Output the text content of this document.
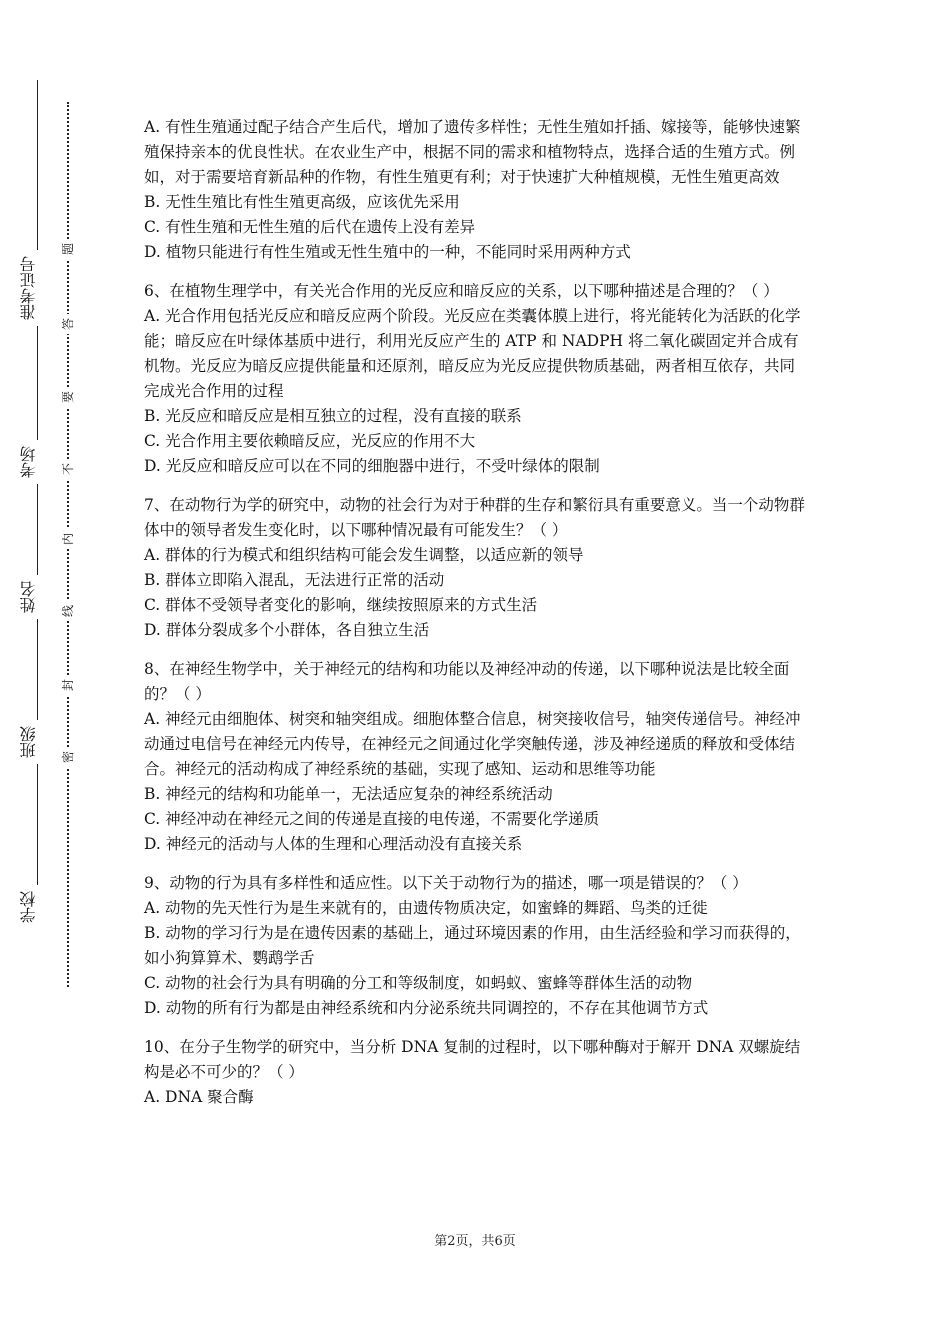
准考证号
考场
姓名
班级
学校
题
答
要
不
内
线
封
密

A. 有性生殖通过配子结合产生后代，增加了遗传多样性；无性生殖如扦插、嫁接等，能够快速繁殖保持亲本的优良性状。在农业生产中，根据不同的需求和植物特点，选择合适的生殖方式。例如，对于需要培育新品种的作物，有性生殖更有利；对于快速扩大种植规模，无性生殖更高效

B. 无性生殖比有性生殖更高级，应该优先采用

C. 有性生殖和无性生殖的后代在遗传上没有差异

D. 植物只能进行有性生殖或无性生殖中的一种，不能同时采用两种方式

6、在植物生理学中，有关光合作用的光反应和暗反应的关系，以下哪种描述是合理的？（ ）

A. 光合作用包括光反应和暗反应两个阶段。光反应在类囊体膜上进行，将光能转化为活跃的化学能；暗反应在叶绿体基质中进行，利用光反应产生的 ATP 和 NADPH 将二氧化碳固定并合成有机物。光反应为暗反应提供能量和还原剂，暗反应为光反应提供物质基础，两者相互依存，共同完成光合作用的过程

B. 光反应和暗反应是相互独立的过程，没有直接的联系

C. 光合作用主要依赖暗反应，光反应的作用不大

D. 光反应和暗反应可以在不同的细胞器中进行，不受叶绿体的限制

7、在动物行为学的研究中，动物的社会行为对于种群的生存和繁衍具有重要意义。当一个动物群体中的领导者发生变化时，以下哪种情况最有可能发生？（ ）

A. 群体的行为模式和组织结构可能会发生调整，以适应新的领导

B. 群体立即陷入混乱，无法进行正常的活动

C. 群体不受领导者变化的影响，继续按照原来的方式生活

D. 群体分裂成多个小群体，各自独立生活

8、在神经生物学中，关于神经元的结构和功能以及神经冲动的传递，以下哪种说法是比较全面的？（ ）

A. 神经元由细胞体、树突和轴突组成。细胞体整合信息，树突接收信号，轴突传递信号。神经冲动通过电信号在神经元内传导，在神经元之间通过化学突触传递，涉及神经递质的释放和受体结合。神经元的活动构成了神经系统的基础，实现了感知、运动和思维等功能

B. 神经元的结构和功能单一，无法适应复杂的神经系统活动

C. 神经冲动在神经元之间的传递是直接的电传递，不需要化学递质

D. 神经元的活动与人体的生理和心理活动没有直接关系

9、动物的行为具有多样性和适应性。以下关于动物行为的描述，哪一项是错误的？（ ）

A. 动物的先天性行为是生来就有的，由遗传物质决定，如蜜蜂的舞蹈、鸟类的迁徙

B. 动物的学习行为是在遗传因素的基础上，通过环境因素的作用，由生活经验和学习而获得的，如小狗算算术、鹦鹉学舌

C. 动物的社会行为具有明确的分工和等级制度，如蚂蚁、蜜蜂等群体生活的动物

D. 动物的所有行为都是由神经系统和内分泌系统共同调控的，不存在其他调节方式

10、在分子生物学的研究中，当分析 DNA 复制的过程时，以下哪种酶对于解开 DNA 双螺旋结构是必不可少的？（ ）

A. DNA 聚合酶

第2页，共6页
